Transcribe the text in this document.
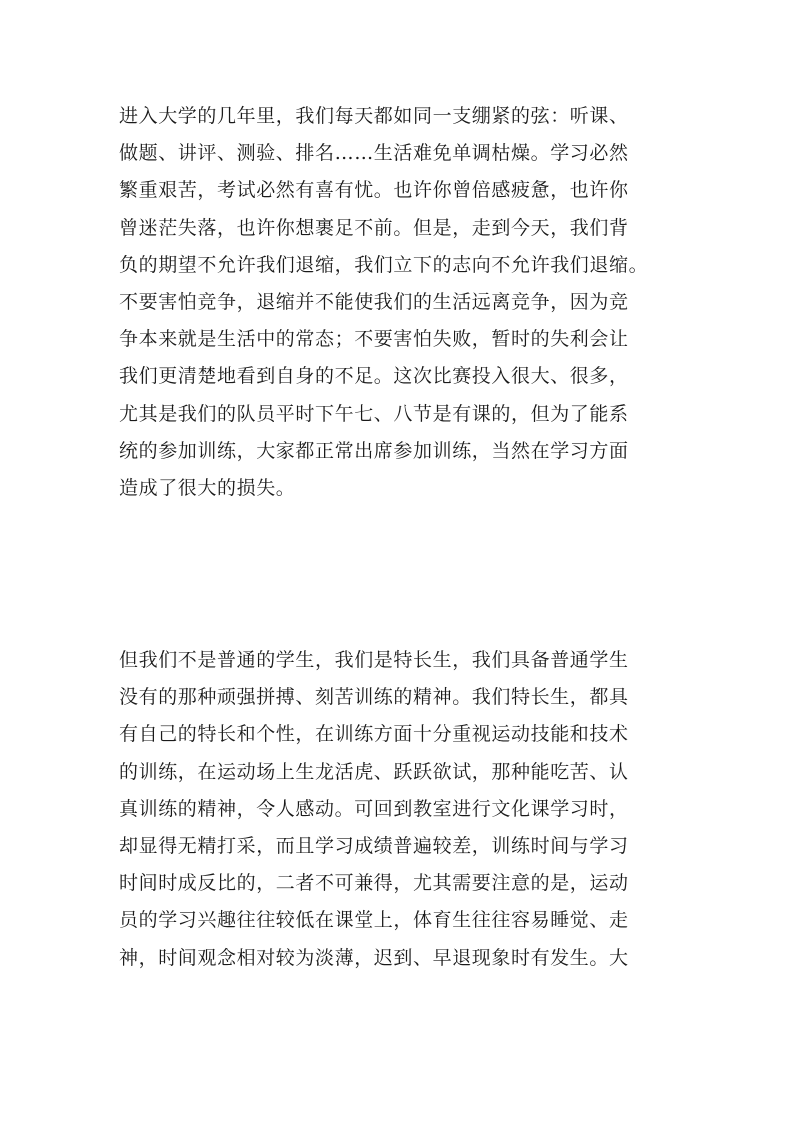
进入大学的几年里，我们每天都如同一支绷紧的弦：听课、
做题、讲评、测验、排名……生活难免单调枯燥。学习必然
繁重艰苦，考试必然有喜有忧。也许你曾倍感疲惫，也许你
曾迷茫失落，也许你想裹足不前。但是，走到今天，我们背
负的期望不允许我们退缩，我们立下的志向不允许我们退缩。
不要害怕竞争，退缩并不能使我们的生活远离竞争，因为竞
争本来就是生活中的常态；不要害怕失败，暂时的失利会让
我们更清楚地看到自身的不足。这次比赛投入很大、很多，
尤其是我们的队员平时下午七、八节是有课的，但为了能系
统的参加训练，大家都正常出席参加训练，当然在学习方面
造成了很大的损失。
但我们不是普通的学生，我们是特长生，我们具备普通学生
没有的那种顽强拼搏、刻苦训练的精神。我们特长生，都具
有自己的特长和个性，在训练方面十分重视运动技能和技术
的训练，在运动场上生龙活虎、跃跃欲试，那种能吃苦、认
真训练的精神，令人感动。可回到教室进行文化课学习时，
却显得无精打采，而且学习成绩普遍较差，训练时间与学习
时间时成反比的，二者不可兼得，尤其需要注意的是，运动
员的学习兴趣往往较低在课堂上，体育生往往容易睡觉、走
神，时间观念相对较为淡薄，迟到、早退现象时有发生。大
